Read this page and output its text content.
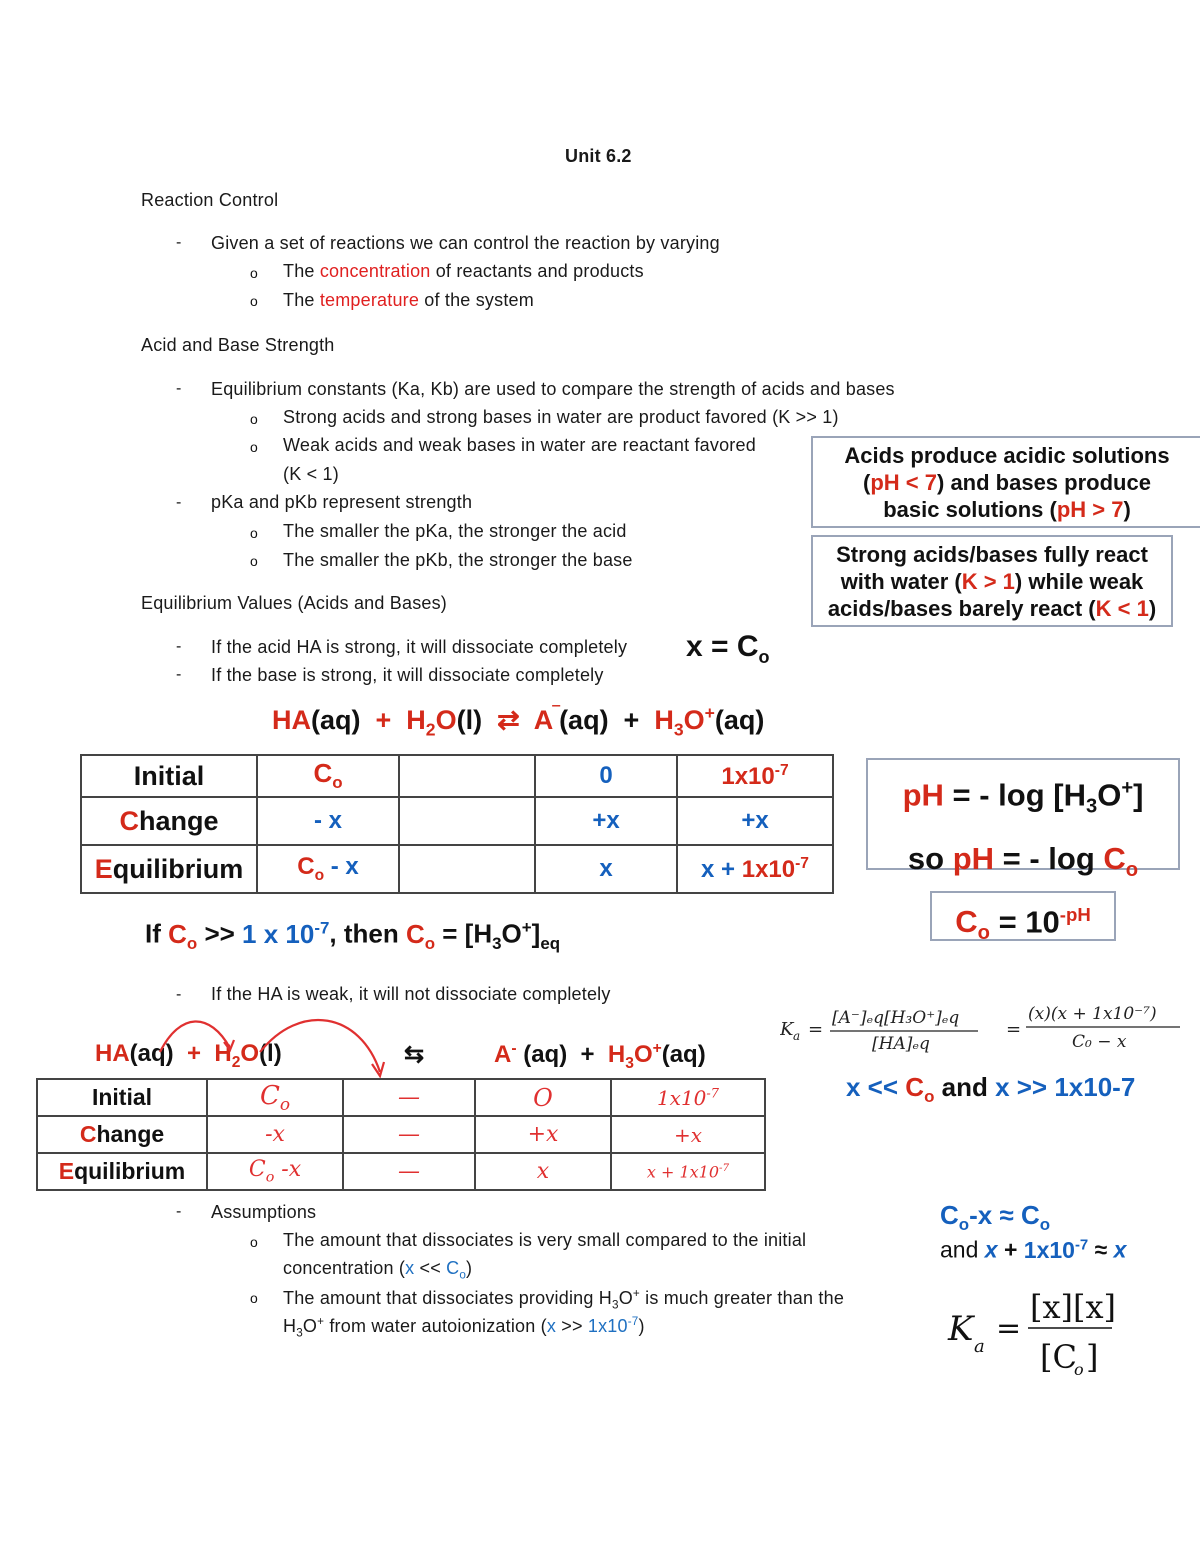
Unit 6.2
Reaction Control
- Given a set of reactions we can control the reaction by varying
o The concentration of reactants and products
o The temperature of the system
Acid and Base Strength
- Equilibrium constants (Ka, Kb) are used to compare the strength of acids and bases
o Strong acids and strong bases in water are product favored (K >> 1)
o Weak acids and weak bases in water are reactant favored
(K < 1)
- pKa and pKb represent strength
o The smaller the pKa, the stronger the acid
o The smaller the pKb, the stronger the base
Acids produce acidic solutions
(pH < 7) and bases produce
basic solutions (pH > 7)
Strong acids/bases fully react
with water (K > 1) while weak
acids/bases barely react (K < 1)
Equilibrium Values (Acids and Bases)
- If the acid HA is strong, it will dissociate completely
- If the base is strong, it will dissociate completely
$x = C_o$
$HA(aq) + H_2O(l)$  ⇄ $A^‾(aq) + H_3O^+(aq)$
Initial	$C_o$		0	$1x10^{-7}$
Change	- x		+x	+x
Equilibrium	$C_o$ - x		x	$x + 1x10^{-7}$
pH = - $\log [H_3O^+]$
so pH = - $\log C_o$
$C_o = 10^{-pH}$
If $C_o >> 1$ x $10^{-7}$, then $C_o = [H_3O^+]_{eq}$
- If the HA is weak, it will not dissociate completely
K a =
[A⁻]ₑq[H₃O⁺]ₑq
[HA]ₑq
=
(x)(x + 1x10⁻⁷)
C₀ − x
$x << C_o$ and x >> 1x10-7
$HA(aq) + H_2O(l)$	⇆	A- $(aq) + H_3O^+(aq)$
Initial	$C_o$	—	O	$1x10^{-7}$
Change	-x	—	+x	+x
Equilibrium	$C_o$ -x	—	x	$x + 1x10^{-7}$
- Assumptions
o The amount that dissociates is very small compared to the initial
concentration $(x << C_o)$
o The amount that dissociates providing $H_3O^+$ is much greater than the
$H_3O^+$ from water autoionization $(x >> 1x10^{-7})$
$C_o-x \approx C_o$
and $x + 1x10^{-7} \approx x$
K a
=
[x][x]
[C
o ]
